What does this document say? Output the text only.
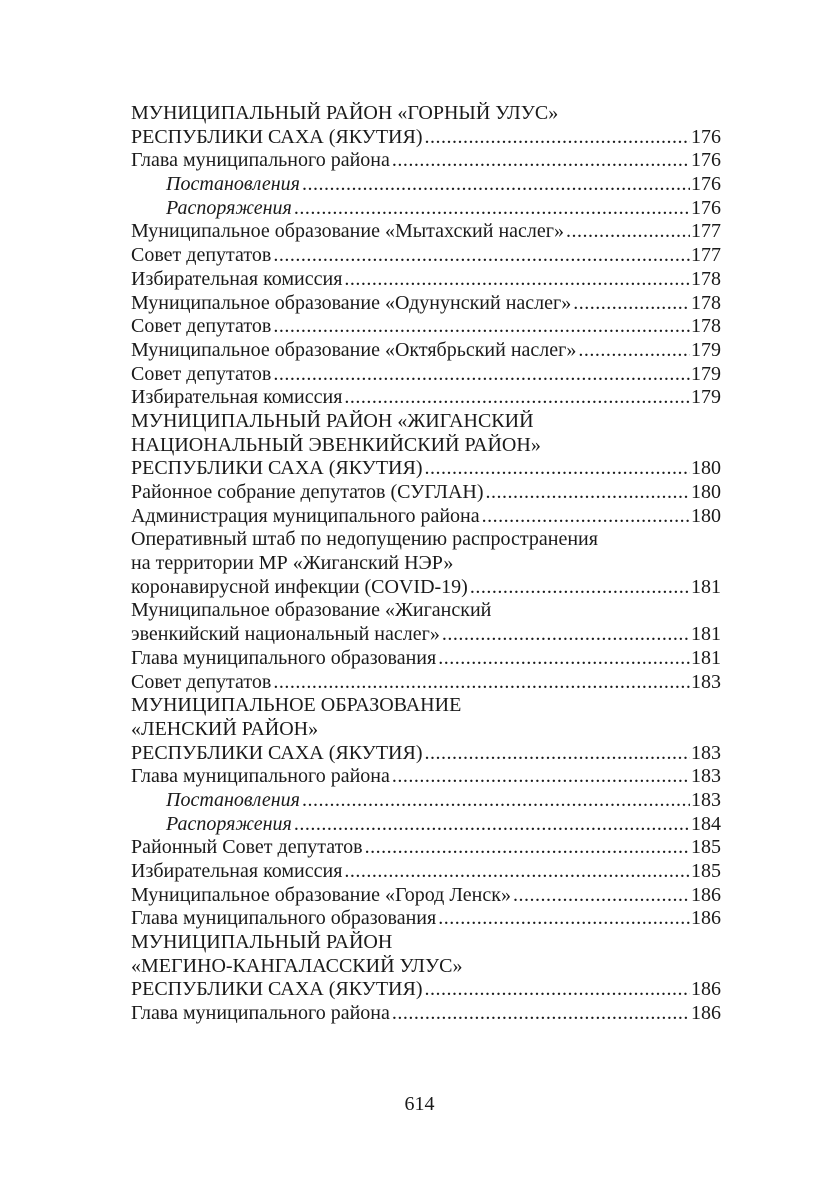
МУНИЦИПАЛЬНЫЙ РАЙОН «ГОРНЫЙ УЛУС»
РЕСПУБЛИКИ САХА (ЯКУТИЯ) .....	176
Глава муниципального района .....	176
Постановления .....	176
Распоряжения .....	176
Муниципальное образование «Мытахский наслег» .....	177
Совет депутатов .....	177
Избирательная комиссия .....	178
Муниципальное образование «Одунунский наслег» .....	178
Совет депутатов .....	178
Муниципальное образование «Октябрьский наслег» .....	179
Совет депутатов .....	179
Избирательная комиссия .....	179
МУНИЦИПАЛЬНЫЙ РАЙОН «ЖИГАНСКИЙ
НАЦИОНАЛЬНЫЙ ЭВЕНКИЙСКИЙ РАЙОН»
РЕСПУБЛИКИ САХА (ЯКУТИЯ) .....	180
Районное собрание депутатов (СУГЛАН) .....	180
Администрация муниципального района .....	180
Оперативный штаб по недопущению распространения
на территории МР «Жиганский НЭР»
коронавирусной инфекции (COVID-19) .....	181
Муниципальное образование «Жиганский
эвенкийский национальный наслег» .....	181
Глава муниципального образования .....	181
Совет депутатов .....	183
МУНИЦИПАЛЬНОЕ ОБРАЗОВАНИЕ
«ЛЕНСКИЙ РАЙОН»
РЕСПУБЛИКИ САХА (ЯКУТИЯ) .....	183
Глава муниципального района .....	183
Постановления .....	183
Распоряжения .....	184
Районный Совет депутатов .....	185
Избирательная комиссия .....	185
Муниципальное образование «Город Ленск» .....	186
Глава муниципального образования .....	186
МУНИЦИПАЛЬНЫЙ РАЙОН
«МЕГИНО-КАНГАЛАССКИЙ УЛУС»
РЕСПУБЛИКИ САХА (ЯКУТИЯ) .....	186
Глава муниципального района .....	186
614
